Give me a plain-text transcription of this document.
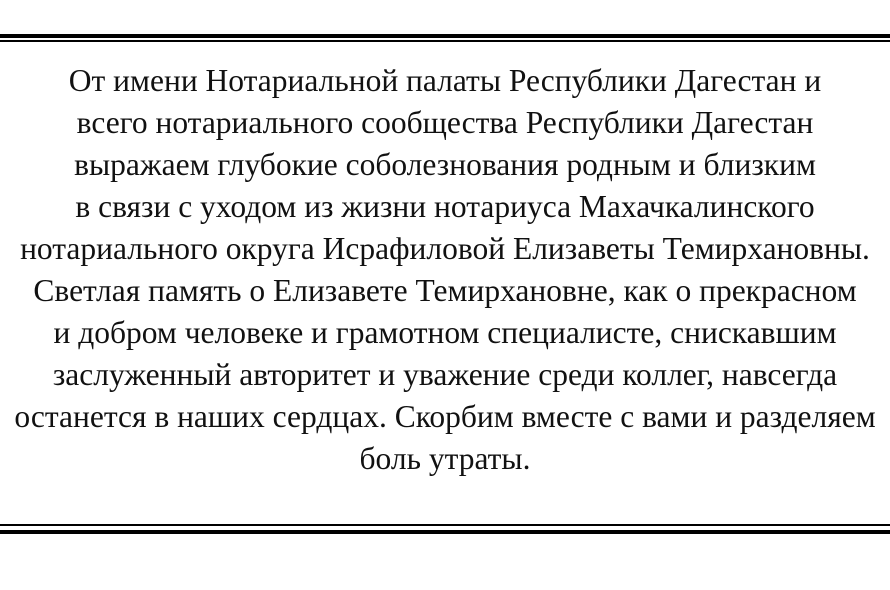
От имени Нотариальной палаты Республики Дагестан и
всего нотариального сообщества Республики Дагестан
выражаем глубокие соболезнования родным и близким
в связи с уходом из жизни нотариуса Махачкалинского
нотариального округа Исрафиловой Елизаветы Темирхановны.
Светлая память о Елизавете Темирхановне, как о прекрасном
и добром человеке и грамотном специалисте, снискавшим
заслуженный авторитет и уважение среди коллег, навсегда
останется в наших сердцах. Скорбим вместе с вами и разделяем
боль утраты.
